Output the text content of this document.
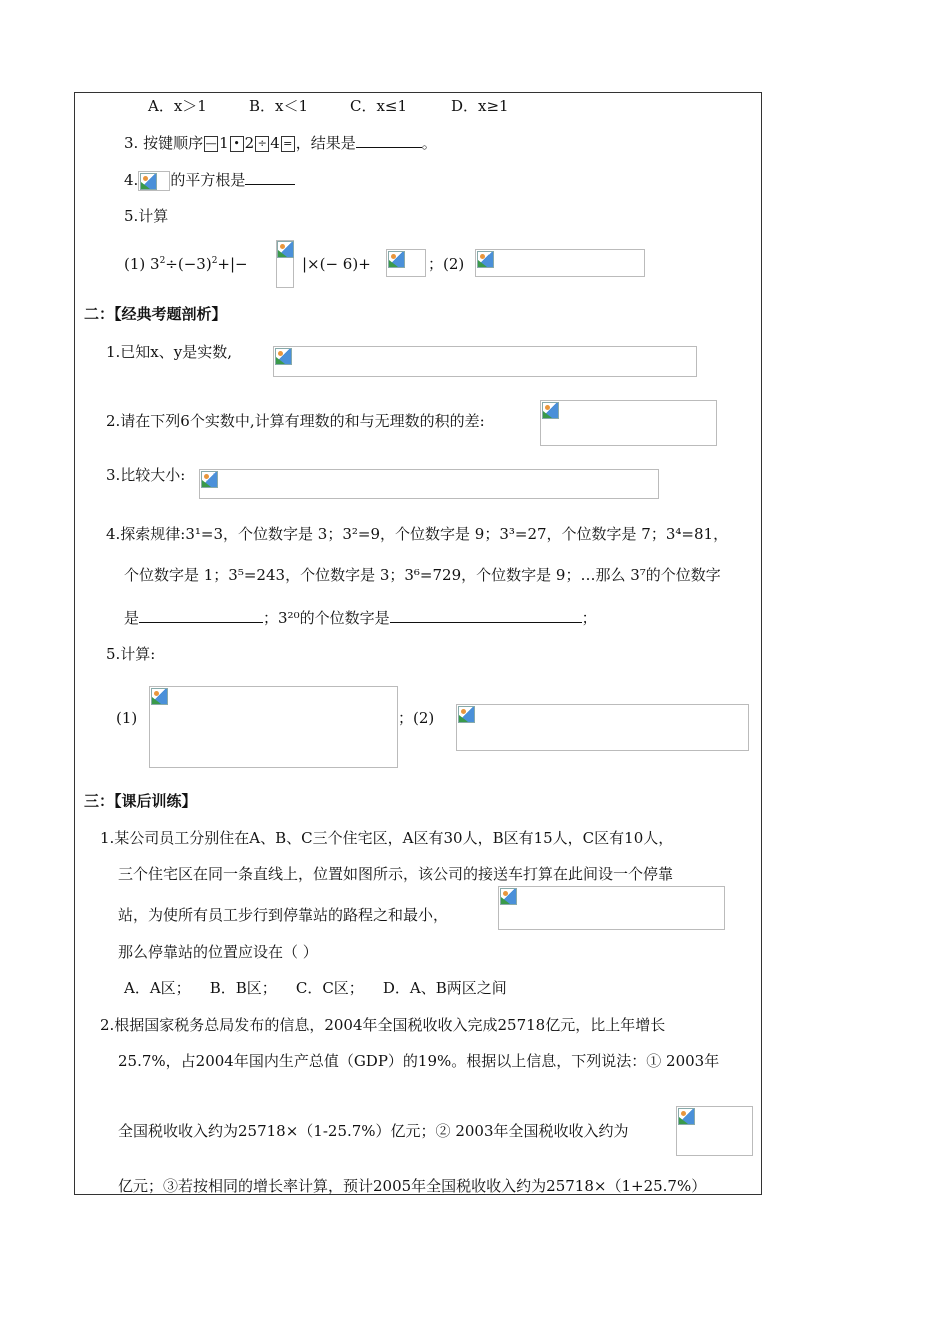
A．x＞1	B．x＜1	C．x≤1	D．x≥1
3. 按键顺序 — 1 • 2 ÷ 4 = ，结果是	。
4. 的平方根是
5.计算
(1) $3^2\div(-3)^2+|-$	|×(− 6)+	；(2)
二：【经典考题剖析】
1.已知x、y是实数,
2.请在下列6个实数中,计算有理数的和与无理数的积的差:
3.比较大小:
4.探索规律:3¹=3，个位数字是 3；3²=9，个位数字是 9；3³=27，个位数字是 7；3⁴=81，
个位数字是 1；3⁵=243，个位数字是 3；3⁶=729，个位数字是 9；…那么 3⁷的个位数字
是	；3²⁰的个位数字是	；
5.计算:
(1)	；(2)
三：【课后训练】
1.某公司员工分别住在A、B、C三个住宅区，A区有30人，B区有15人，C区有10人，
三个住宅区在同一条直线上，位置如图所示，该公司的接送车打算在此间设一个停靠
站，为使所有员工步行到停靠站的路程之和最小，
那么停靠站的位置应设在（ ）
A．A区；    B．B区；    C．C区；    D．A、B两区之间
2.根据国家税务总局发布的信息，2004年全国税收收入完成25718亿元，比上年增长
25.7%，占2004年国内生产总值（GDP）的19%。根据以上信息，下列说法：① 2003年
全国税收收入约为25718×（1-25.7%）亿元；② 2003年全国税收收入约为
亿元；③若按相同的增长率计算，预计2005年全国税收收入约为25718×（1+25.7%）
